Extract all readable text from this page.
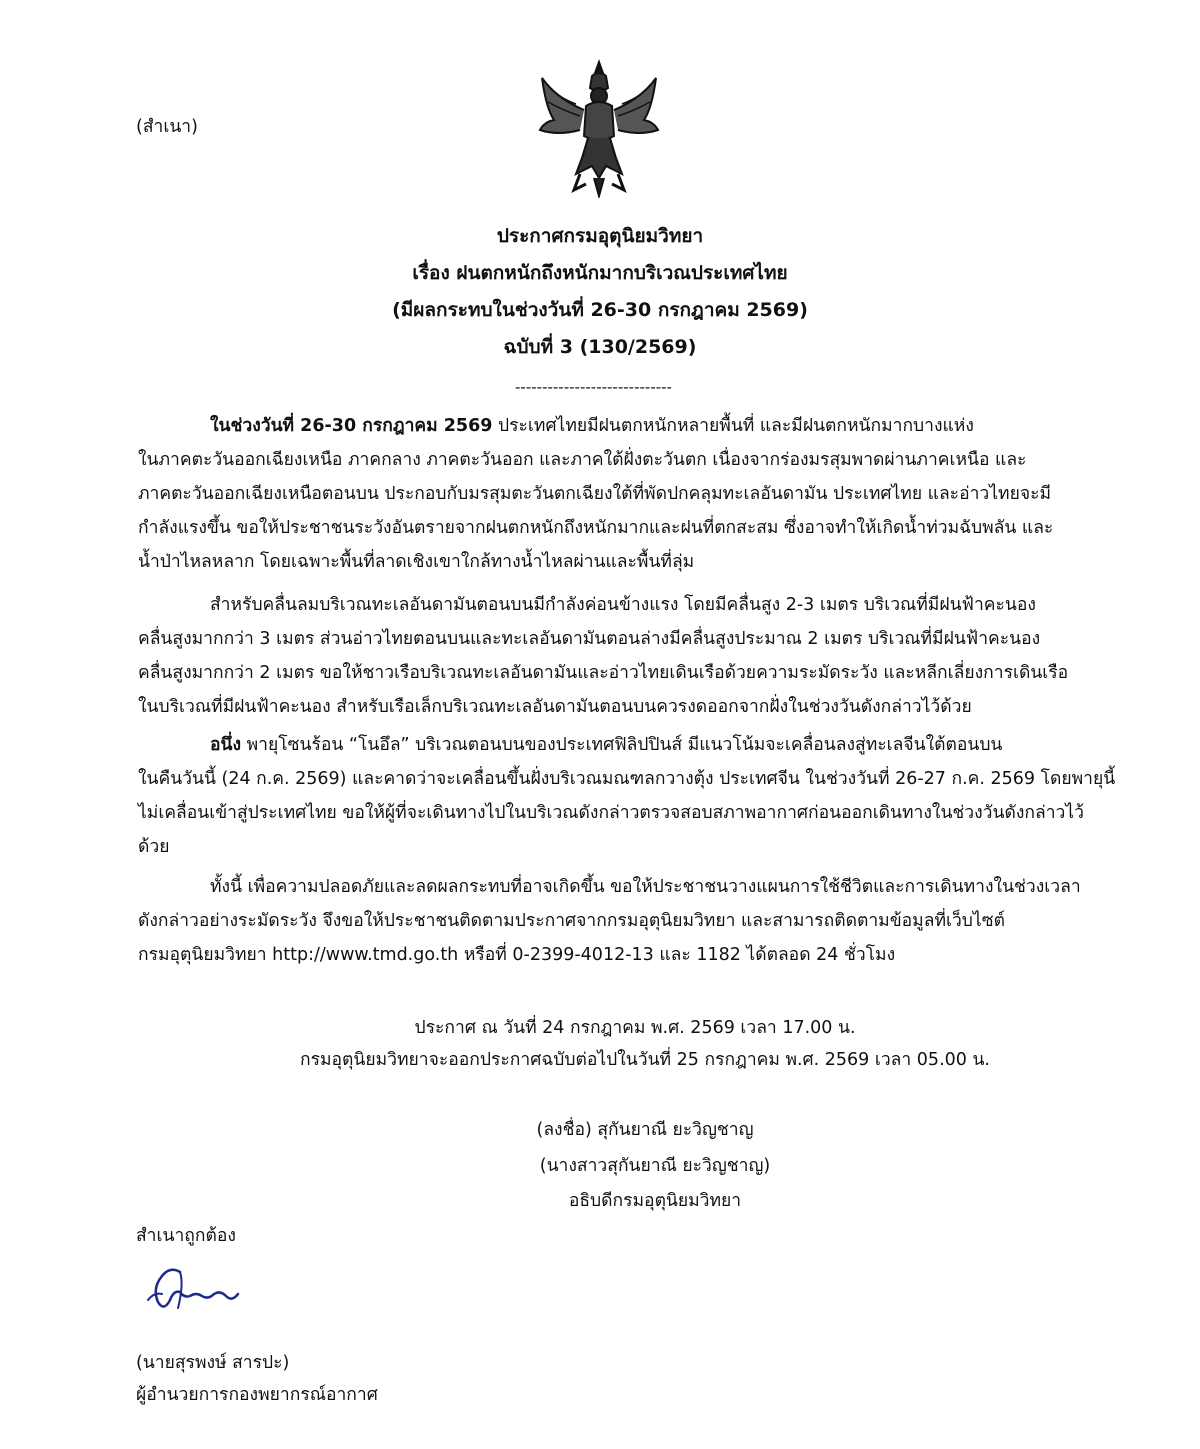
(สำเนา)
ประกาศกรมอุตุนิยมวิทยา
เรื่อง ฝนตกหนักถึงหนักมากบริเวณประเทศไทย
(มีผลกระทบในช่วงวันที่ 26-30 กรกฎาคม 2569)
ฉบับที่ 3 (130/2569)
-----------------------------
ในช่วงวันที่ 26-30 กรกฎาคม 2569 ประเทศไทยมีฝนตกหนักหลายพื้นที่ และมีฝนตกหนักมากบางแห่ง
ในภาคตะวันออกเฉียงเหนือ ภาคกลาง ภาคตะวันออก และภาคใต้ฝั่งตะวันตก เนื่องจากร่องมรสุมพาดผ่านภาคเหนือ และ
ภาคตะวันออกเฉียงเหนือตอนบน ประกอบกับมรสุมตะวันตกเฉียงใต้ที่พัดปกคลุมทะเลอันดามัน ประเทศไทย และอ่าวไทยจะมี
กำลังแรงขึ้น ขอให้ประชาชนระวังอันตรายจากฝนตกหนักถึงหนักมากและฝนที่ตกสะสม ซึ่งอาจทำให้เกิดน้ำท่วมฉับพลัน และ
น้ำป่าไหลหลาก โดยเฉพาะพื้นที่ลาดเชิงเขาใกล้ทางน้ำไหลผ่านและพื้นที่ลุ่ม
สำหรับคลื่นลมบริเวณทะเลอันดามันตอนบนมีกำลังค่อนข้างแรง โดยมีคลื่นสูง 2-3 เมตร บริเวณที่มีฝนฟ้าคะนอง
คลื่นสูงมากกว่า 3 เมตร ส่วนอ่าวไทยตอนบนและทะเลอันดามันตอนล่างมีคลื่นสูงประมาณ 2 เมตร บริเวณที่มีฝนฟ้าคะนอง
คลื่นสูงมากกว่า 2 เมตร ขอให้ชาวเรือบริเวณทะเลอันดามันและอ่าวไทยเดินเรือด้วยความระมัดระวัง และหลีกเลี่ยงการเดินเรือ
ในบริเวณที่มีฝนฟ้าคะนอง สำหรับเรือเล็กบริเวณทะเลอันดามันตอนบนควรงดออกจากฝั่งในช่วงวันดังกล่าวไว้ด้วย
อนึ่ง พายุโซนร้อน “โนอึล” บริเวณตอนบนของประเทศฟิลิปปินส์ มีแนวโน้มจะเคลื่อนลงสู่ทะเลจีนใต้ตอนบน
ในคืนวันนี้ (24 ก.ค. 2569) และคาดว่าจะเคลื่อนขึ้นฝั่งบริเวณมณฑลกวางตุ้ง ประเทศจีน ในช่วงวันที่ 26-27 ก.ค. 2569 โดยพายุนี้
ไม่เคลื่อนเข้าสู่ประเทศไทย ขอให้ผู้ที่จะเดินทางไปในบริเวณดังกล่าวตรวจสอบสภาพอากาศก่อนออกเดินทางในช่วงวันดังกล่าวไว้
ด้วย
ทั้งนี้ เพื่อความปลอดภัยและลดผลกระทบที่อาจเกิดขึ้น ขอให้ประชาชนวางแผนการใช้ชีวิตและการเดินทางในช่วงเวลา
ดังกล่าวอย่างระมัดระวัง จึงขอให้ประชาชนติดตามประกาศจากกรมอุตุนิยมวิทยา และสามารถติดตามข้อมูลที่เว็บไซต์
กรมอุตุนิยมวิทยา http://www.tmd.go.th หรือที่ 0-2399-4012-13 และ 1182 ได้ตลอด 24 ชั่วโมง
ประกาศ ณ วันที่ 24 กรกฎาคม พ.ศ. 2569 เวลา 17.00 น.
กรมอุตุนิยมวิทยาจะออกประกาศฉบับต่อไปในวันที่ 25 กรกฎาคม พ.ศ. 2569 เวลา 05.00 น.
(ลงชื่อ) สุกันยาณี ยะวิญชาญ
(นางสาวสุกันยาณี ยะวิญชาญ)
อธิบดีกรมอุตุนิยมวิทยา
สำเนาถูกต้อง
(นายสุรพงษ์ สารปะ)
ผู้อำนวยการกองพยากรณ์อากาศ
